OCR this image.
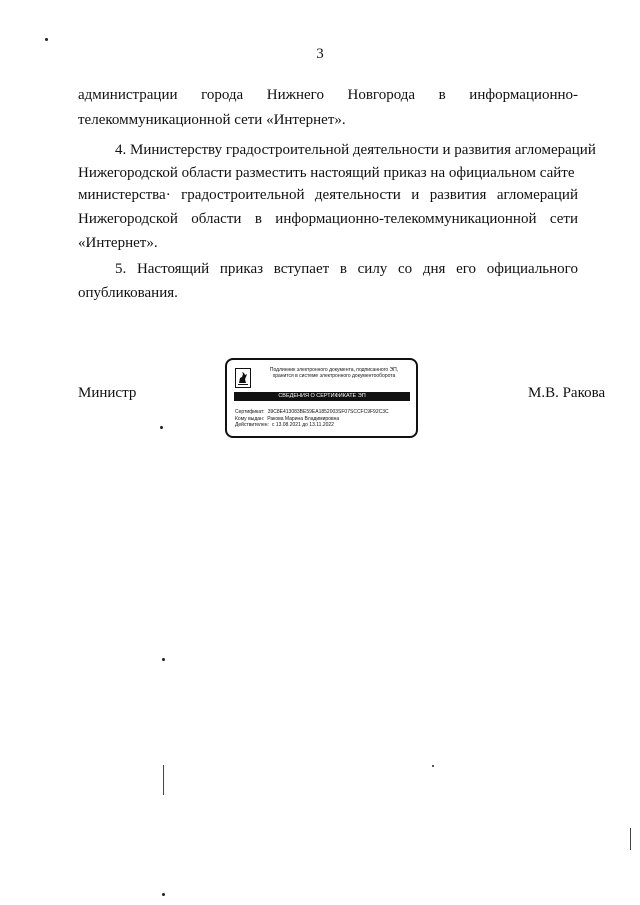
3
администрации города Нижнего Новгорода в информационно-
телекоммуникационной сети «Интернет».
4. Министерству градостроительной деятельности и развития агломераций
Нижегородской области разместить настоящий приказ на официальном сайте
министерства· градостроительной деятельности и развития агломераций
Нижегородской области в информационно-телекоммуникационной сети
«Интернет».
5. Настоящий приказ вступает в силу со дня его официального
опубликования.
Министр	М.В. Ракова
Подлинник электронного документа, подписанного ЭП,
хранится в системе электронного документооборота
СВЕДЕНИЯ О СЕРТИФИКАТЕ ЭП
Сертификат: 39C8E413083BE59EA1852003SF07SCCFC9F92C3C
Кому выдан: Ракова Марина Владимировна
Действителен: с 13.08.2021 до 13.11.2022
